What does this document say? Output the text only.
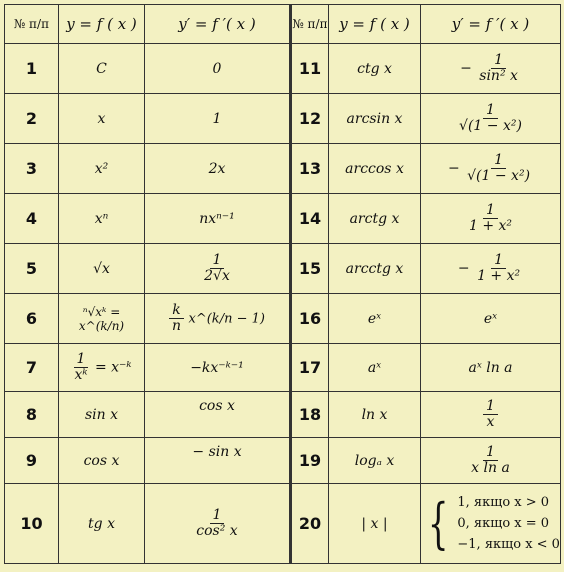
№ п/п	y = f ( x )	y′ = f ′( x )	№ п/п	y = f ( x )	y′ = f ′( x )
1	C	0	11	ctg x	− $\frac{1}{\text{sin² x}}$

2	x	1	12	arcsin x	$\frac{1}{\text{√(1 − x²)}}$

3	x²	2x	13	arccos x	− $\frac{1}{\text{√(1 − x²)}}$

4	xⁿ	nxⁿ⁻¹	14	arctg x	$\frac{1}{\text{1 + x²}}$

5	√x	$\frac{1}{2√x}$	15	arcctg x	− $\frac{1}{\text{1 + x²}}$

6	ⁿ√xᵏ = x^(k/n)	$\frac{k}{n}$ x^(k/n − 1)	16	eˣ	eˣ
7	$\frac{1}{\text{xᵏ}}$ = x⁻ᵏ	−kx⁻ᵏ⁻¹	17	aˣ	aˣ ln a
8	sin x	cos x	18	ln x	$\frac{1}{x}$

9	cos x	− sin x	19	logₐ x	$\frac{1}{\text{x ln a}}$

10	tg x	$\frac{1}{\text{cos² x}}$	20	| x |	{ 1, якщо x > 0
0, якщо x = 0
−1, якщо x < 0
